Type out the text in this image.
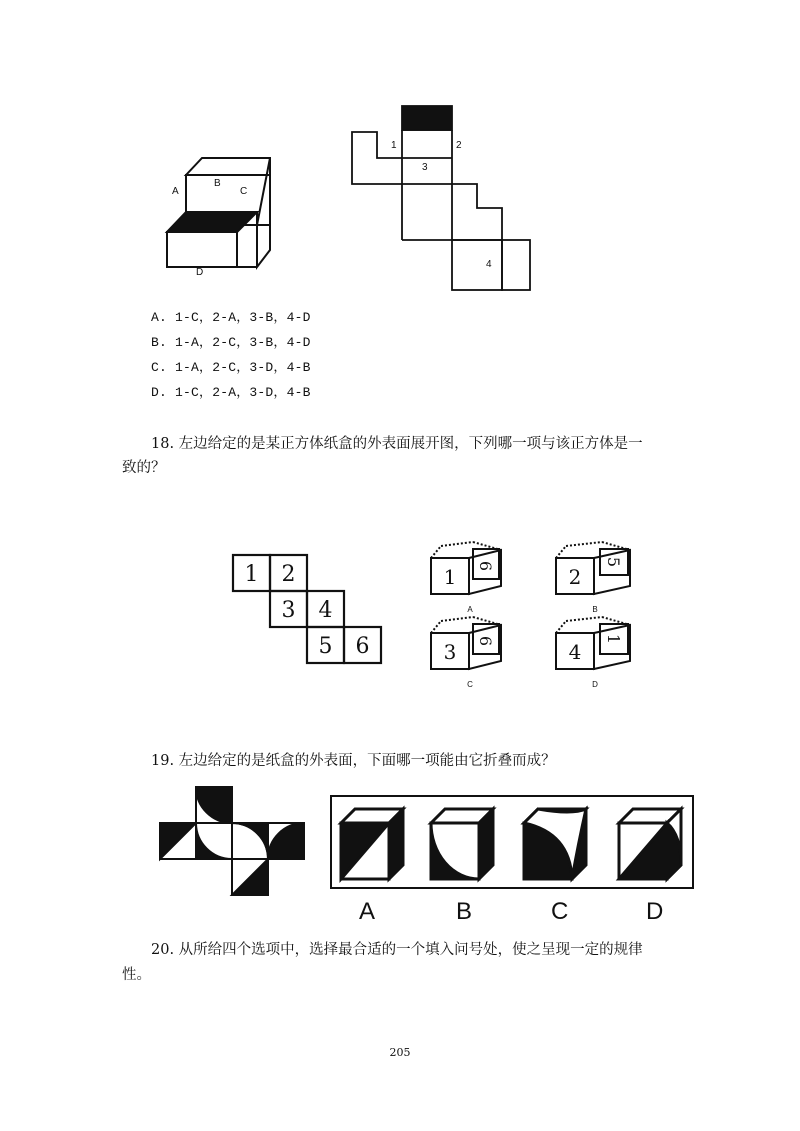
A
B
C
D
1	2
3
4
A. 1-C，2-A，3-B，4-D
B. 1-A，2-C，3-B，4-D
C. 1-A，2-C，3-D，4-B
D. 1-C，2-A，3-D，4-B
18. 左边给定的是某正方体纸盒的外表面展开图，下列哪一项与该正方体是一
致的？
1 2
3 4
5 6
1 6
A
2
5
B
3 6
C
4
1
D
19. 左边给定的是纸盒的外表面，下面哪一项能由它折叠而成？
A	B	C	D
20. 从所给四个选项中，选择最合适的一个填入问号处，使之呈现一定的规律
性。
205
